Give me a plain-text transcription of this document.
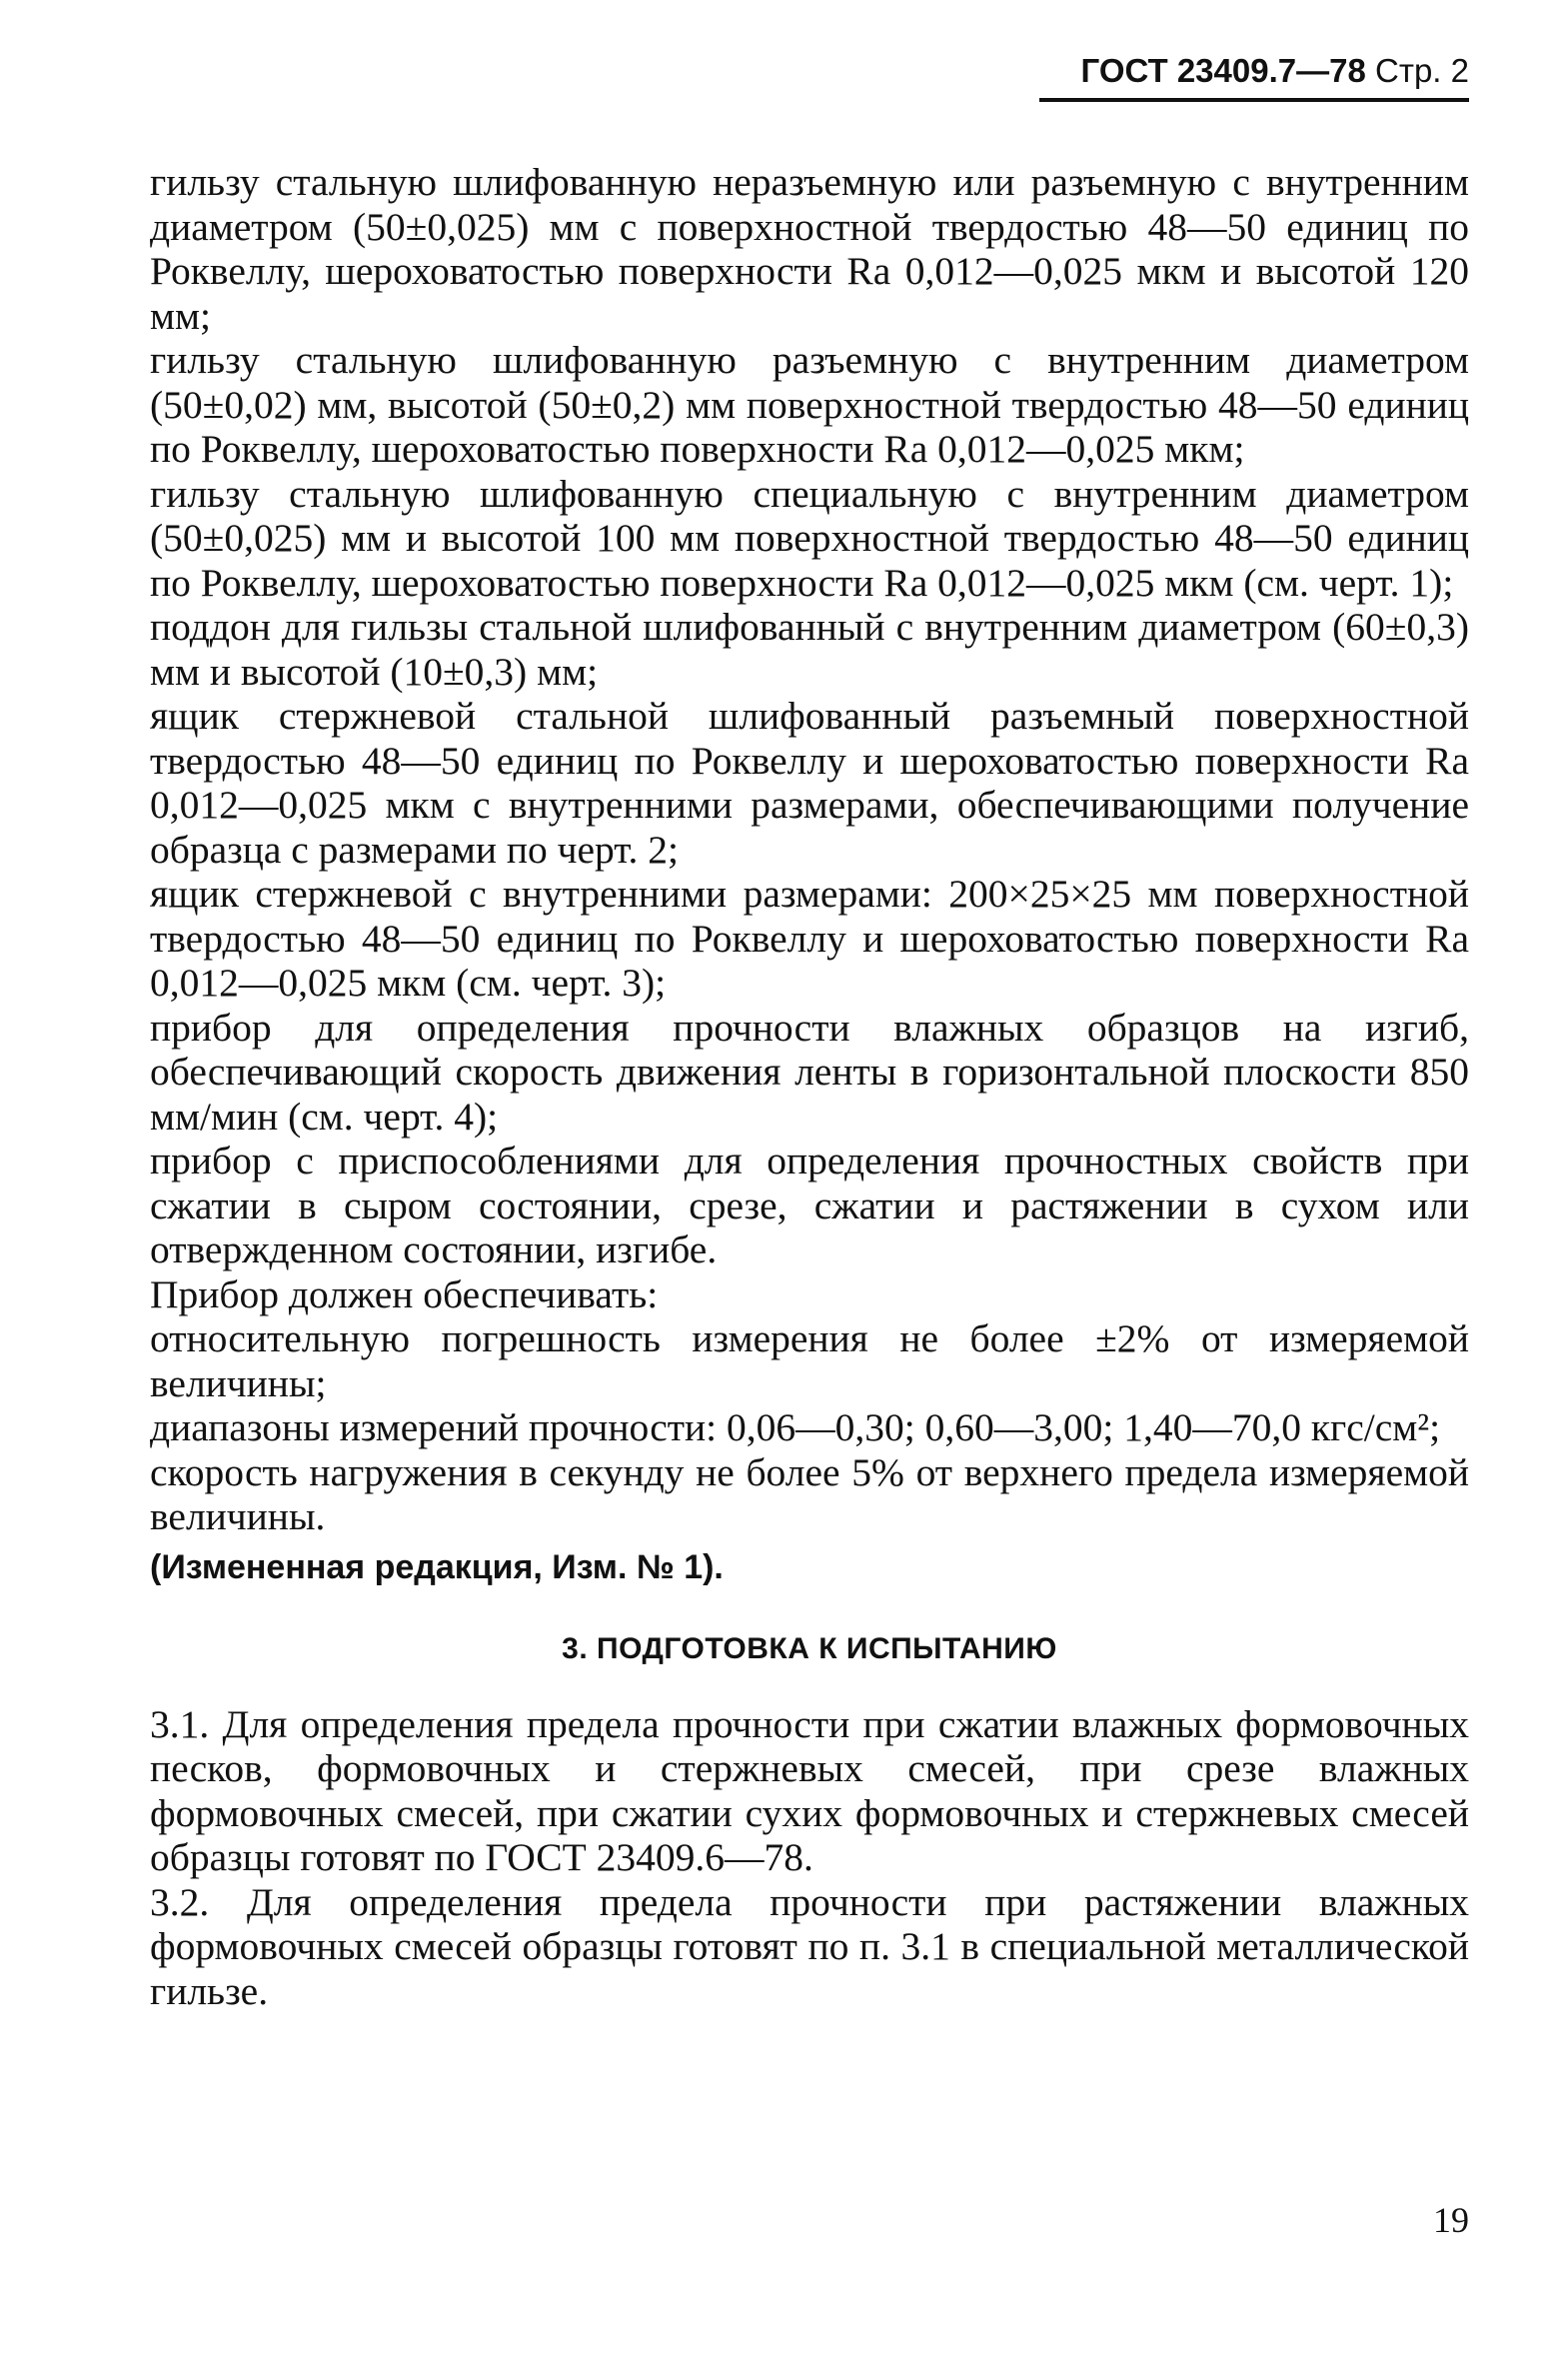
ГОСТ 23409.7—78 Стр. 2

гильзу стальную шлифованную неразъемную или разъемную с внутренним диаметром (50±0,025) мм с поверхностной твердостью 48—50 единиц по Роквеллу, шероховатостью поверхности Ra 0,012—0,025 мкм и высотой 120 мм;

гильзу стальную шлифованную разъемную с внутренним диаметром (50±0,02) мм, высотой (50±0,2) мм поверхностной твердостью 48—50 единиц по Роквеллу, шероховатостью поверхности Ra 0,012—0,025 мкм;

гильзу стальную шлифованную специальную с внутренним диаметром (50±0,025) мм и высотой 100 мм поверхностной твердостью 48—50 единиц по Роквеллу, шероховатостью поверхности Ra 0,012—0,025 мкм (см. черт. 1);

поддон для гильзы стальной шлифованный с внутренним диаметром (60±0,3) мм и высотой (10±0,3) мм;

ящик стержневой стальной шлифованный разъемный поверхностной твердостью 48—50 единиц по Роквеллу и шероховатостью поверхности Ra 0,012—0,025 мкм с внутренними размерами, обеспечивающими получение образца с размерами по черт. 2;

ящик стержневой с внутренними размерами: 200×25×25 мм поверхностной твердостью 48—50 единиц по Роквеллу и шероховатостью поверхности Ra 0,012—0,025 мкм (см. черт. 3);

прибор для определения прочности влажных образцов на изгиб, обеспечивающий скорость движения ленты в горизонтальной плоскости 850 мм/мин (см. черт. 4);

прибор с приспособлениями для определения прочностных свойств при сжатии в сыром состоянии, срезе, сжатии и растяжении в сухом или отвержденном состоянии, изгибе.

Прибор должен обеспечивать:

относительную погрешность измерения не более ±2% от измеряемой величины;

диапазоны измерений прочности: 0,06—0,30; 0,60—3,00; 1,40—70,0 кгс/см²;

скорость нагружения в секунду не более 5% от верхнего предела измеряемой величины.

(Измененная редакция, Изм. № 1).

3. ПОДГОТОВКА К ИСПЫТАНИЮ

3.1. Для определения предела прочности при сжатии влажных формовочных песков, формовочных и стержневых смесей, при срезе влажных формовочных смесей, при сжатии сухих формовочных и стержневых смесей образцы готовят по ГОСТ 23409.6—78.

3.2. Для определения предела прочности при растяжении влажных формовочных смесей образцы готовят по п. 3.1 в специальной металлической гильзе.

19
